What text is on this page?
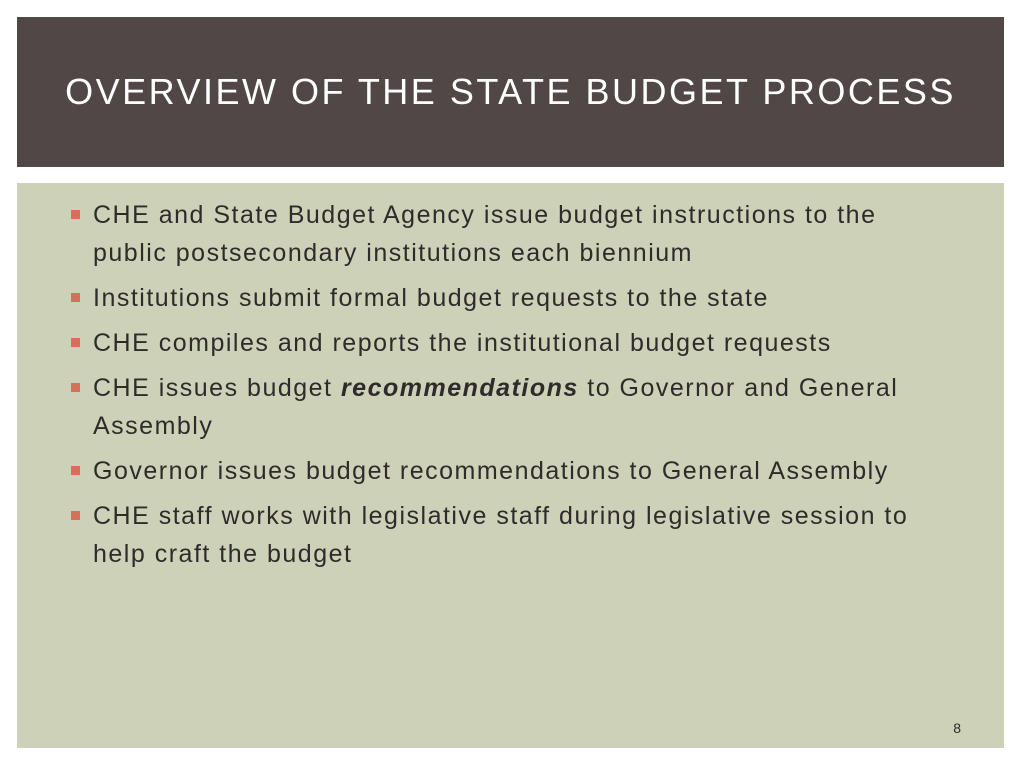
OVERVIEW OF THE STATE BUDGET PROCESS
CHE and State Budget Agency issue budget instructions to the public postsecondary institutions each biennium
Institutions submit formal budget requests to the state
CHE compiles and reports the institutional budget requests
CHE issues budget recommendations to Governor and General Assembly
Governor issues budget recommendations to General Assembly
CHE staff works with legislative staff during legislative session to help craft the budget
8
